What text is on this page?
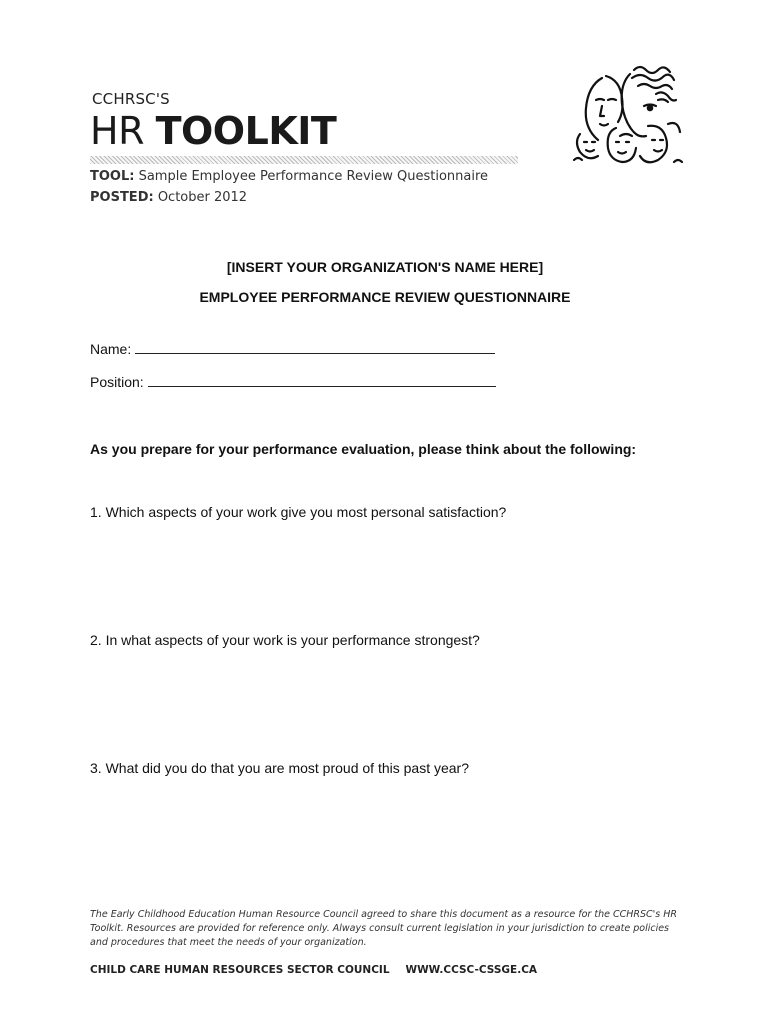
CCHRSC'S
HR TOOLKIT
TOOL: Sample Employee Performance Review Questionnaire
POSTED: October 2012
[INSERT YOUR ORGANIZATION'S NAME HERE]
EMPLOYEE PERFORMANCE REVIEW QUESTIONNAIRE
Name:
Position:
As you prepare for your performance evaluation, please think about the following:
1. Which aspects of your work give you most personal satisfaction?
2. In what aspects of your work is your performance strongest?
3. What did you do that you are most proud of this past year?
The Early Childhood Education Human Resource Council agreed to share this document as a resource for the CCHRSC's HR Toolkit. Resources are provided for reference only. Always consult current legislation in your jurisdiction to create policies and procedures that meet the needs of your organization.
CHILD CARE HUMAN RESOURCES SECTOR COUNCIL WWW.CCSC-CSSGE.CA
